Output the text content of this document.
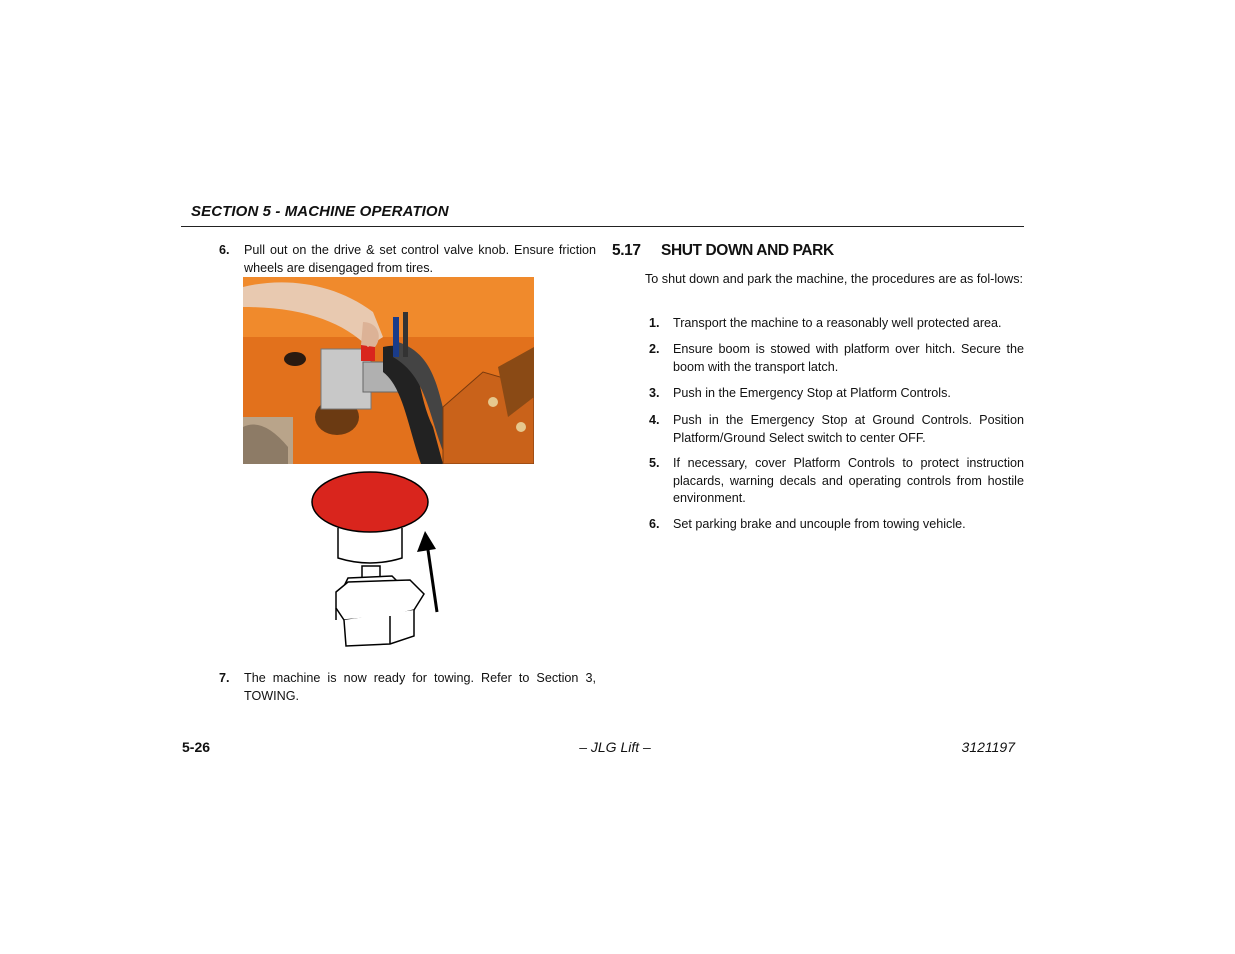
SECTION 5 - MACHINE OPERATION
6. Pull out on the drive & set control valve knob. Ensure friction wheels are disengaged from tires.
7. The machine is now ready for towing. Refer to Section 3, TOWING.
5.17 SHUT DOWN AND PARK
To shut down and park the machine, the procedures are as fol-lows:
1. Transport the machine to a reasonably well protected area.
2. Ensure boom is stowed with platform over hitch. Secure the boom with the transport latch.
3. Push in the Emergency Stop at Platform Controls.
4. Push in the Emergency Stop at Ground Controls. Position Platform/Ground Select switch to center OFF.
5. If necessary, cover Platform Controls to protect instruction placards, warning decals and operating controls from hostile environment.
6. Set parking brake and uncouple from towing vehicle.
5-26	– JLG Lift –	3121197
